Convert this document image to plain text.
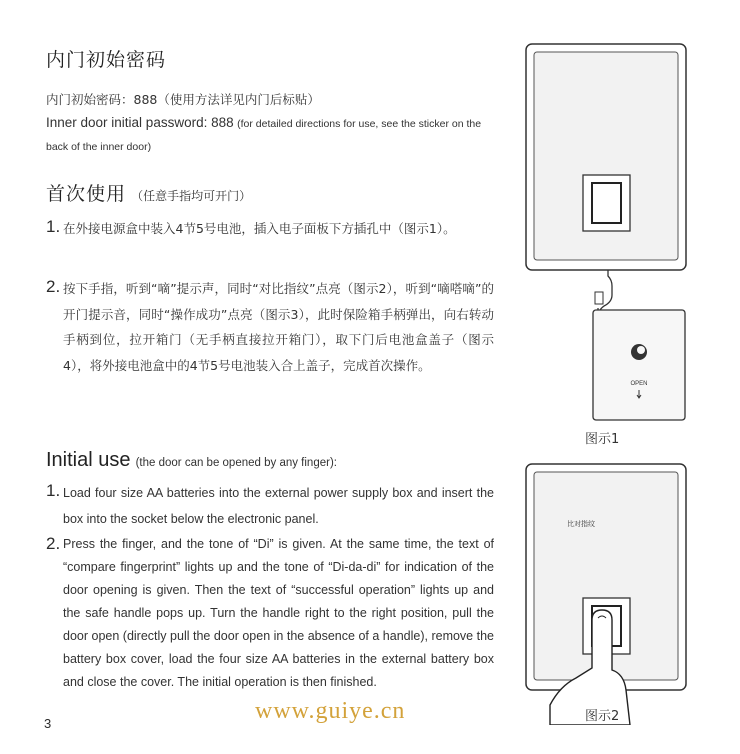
内门初始密码
内门初始密码：888（使用方法详见内门后标贴）
Inner door initial password: 888 (for detailed directions for use, see the sticker on the back of the inner door)
首次使用 （任意手指均可开门）
1. 在外接电源盒中装入4节5号电池，插入电子面板下方插孔中（图示1）。
2. 按下手指，听到“嘀”提示声，同时“对比指纹”点亮（图示2），听到“嘀嗒嘀”的开门提示音，同时“操作成功”点亮（图示3），此时保险箱手柄弹出，向右转动手柄到位，拉开箱门（无手柄直接拉开箱门），取下门后电池盒盖子（图示4），将外接电池盒中的4节5号电池装入合上盖子，完成首次操作。
Initial use (the door can be opened by any finger):
1. Load four size AA batteries into the external power supply box and insert the box into the socket below the electronic panel.
2. Press the finger, and the tone of “Di” is given. At the same time, the text of “compare fingerprint” lights up and the tone of “Di-da-di” for indication of the door opening is given. Then the text of “successful operation” lights up and the safe handle pops up. Turn the handle right to the right position, pull the door open (directly pull the door open in the absence of a handle), remove the battery box cover, load the four size AA batteries in the external battery box and close the cover. The initial operation is then finished.
OPEN
图示1
比对指纹
图示2
3	www.guiye.cn
